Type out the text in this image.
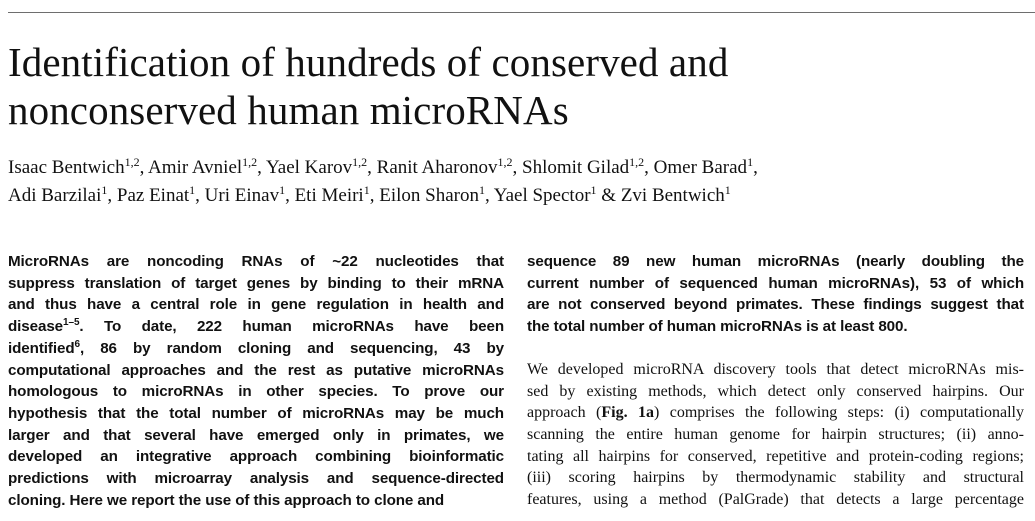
Identification of hundreds of conserved and
nonconserved human microRNAs
Isaac Bentwich$^{1,2}$, Amir Avniel$^{1,2}$, Yael Karov$^{1,2}$, Ranit Aharonov$^{1,2}$, Shlomit Gilad$^{1,2}$, Omer Barad$^1$,
Adi Barzilai$^1$, Paz Einat$^1$, Uri Einav$^1$, Eti Meiri$^1$, Eilon Sharon$^1$, Yael Spector$^1$ & Zvi Bentwich$^1$
MicroRNAs are noncoding RNAs of ~22 nucleotides that
suppress translation of target genes by binding to their mRNA
and thus have a central role in gene regulation in health and
disease$^{1-5}$. To date, 222 human microRNAs have been
identified$^6$, 86 by random cloning and sequencing, 43 by
computational approaches and the rest as putative microRNAs
homologous to microRNAs in other species. To prove our
hypothesis that the total number of microRNAs may be much
larger and that several have emerged only in primates, we
developed an integrative approach combining bioinformatic
predictions with microarray analysis and sequence-directed
cloning. Here we report the use of this approach to clone and
sequence 89 new human microRNAs (nearly doubling the
current number of sequenced human microRNAs), 53 of which
are not conserved beyond primates. These findings suggest that
the total number of human microRNAs is at least 800.
We developed microRNA discovery tools that detect microRNAs mis-
sed by existing methods, which detect only conserved hairpins. Our
approach (Fig. 1a) comprises the following steps: (i) computationally
scanning the entire human genome for hairpin structures; (ii) anno-
tating all hairpins for conserved, repetitive and protein-coding regions;
(iii) scoring hairpins by thermodynamic stability and structural
features, using a method (PalGrade) that detects a large percentage
